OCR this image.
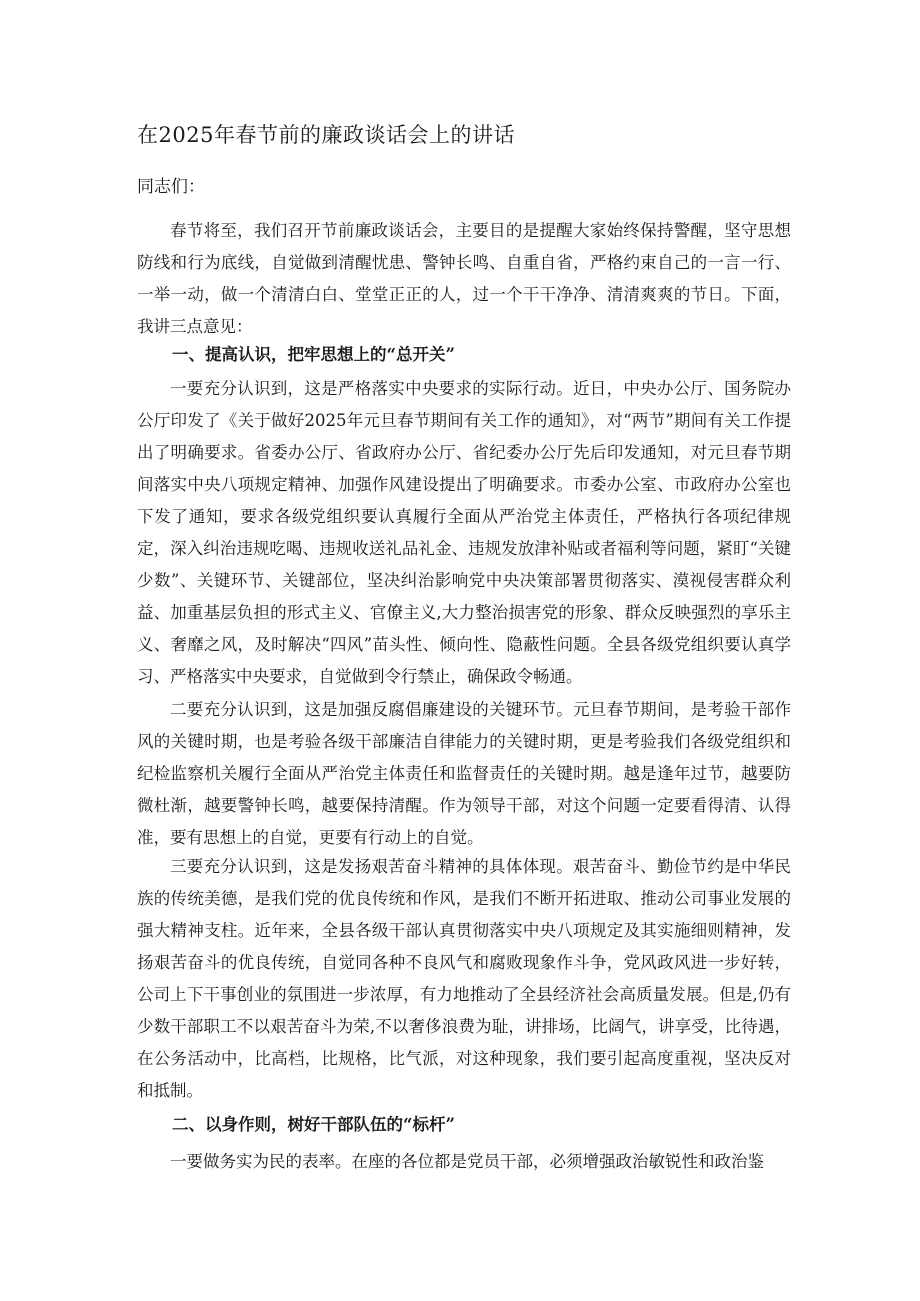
在2025年春节前的廉政谈话会上的讲话
同志们：

春节将至，我们召开节前廉政谈话会，主要目的是提醒大家始终保持警醒，坚守思想防线和行为底线，自觉做到清醒忧患、警钟长鸣、自重自省，严格约束自己的一言一行、一举一动，做一个清清白白、堂堂正正的人，过一个干干净净、清清爽爽的节日。下面，我讲三点意见：

一、提高认识，把牢思想上的“总开关”

一要充分认识到，这是严格落实中央要求的实际行动。近日，中央办公厅、国务院办公厅印发了《关于做好2025年元旦春节期间有关工作的通知》，对“两节”期间有关工作提出了明确要求。省委办公厅、省政府办公厅、省纪委办公厅先后印发通知，对元旦春节期间落实中央八项规定精神、加强作风建设提出了明确要求。市委办公室、市政府办公室也下发了通知，要求各级党组织要认真履行全面从严治党主体责任，严格执行各项纪律规定，深入纠治违规吃喝、违规收送礼品礼金、违规发放津补贴或者福利等问题，紧盯“关键少数”、关键环节、关键部位，坚决纠治影响党中央决策部署贯彻落实、漠视侵害群众利益、加重基层负担的形式主义、官僚主义,大力整治损害党的形象、群众反映强烈的享乐主义、奢靡之风，及时解决“四风”苗头性、倾向性、隐蔽性问题。全县各级党组织要认真学习、严格落实中央要求，自觉做到令行禁止，确保政令畅通。

二要充分认识到，这是加强反腐倡廉建设的关键环节。元旦春节期间，是考验干部作风的关键时期，也是考验各级干部廉洁自律能力的关键时期，更是考验我们各级党组织和纪检监察机关履行全面从严治党主体责任和监督责任的关键时期。越是逢年过节，越要防微杜渐，越要警钟长鸣，越要保持清醒。作为领导干部，对这个问题一定要看得清、认得准，要有思想上的自觉，更要有行动上的自觉。

三要充分认识到，这是发扬艰苦奋斗精神的具体体现。艰苦奋斗、勤俭节约是中华民族的传统美德，是我们党的优良传统和作风，是我们不断开拓进取、推动公司事业发展的强大精神支柱。近年来，全县各级干部认真贯彻落实中央八项规定及其实施细则精神，发扬艰苦奋斗的优良传统，自觉同各种不良风气和腐败现象作斗争，党风政风进一步好转，公司上下干事创业的氛围进一步浓厚，有力地推动了全县经济社会高质量发展。但是,仍有少数干部职工不以艰苦奋斗为荣,不以奢侈浪费为耻，讲排场，比阔气，讲享受，比待遇，在公务活动中，比高档，比规格，比气派，对这种现象，我们要引起高度重视，坚决反对和抵制。

二、以身作则，树好干部队伍的“标杆”

一要做务实为民的表率。在座的各位都是党员干部，必须增强政治敏锐性和政治鉴
